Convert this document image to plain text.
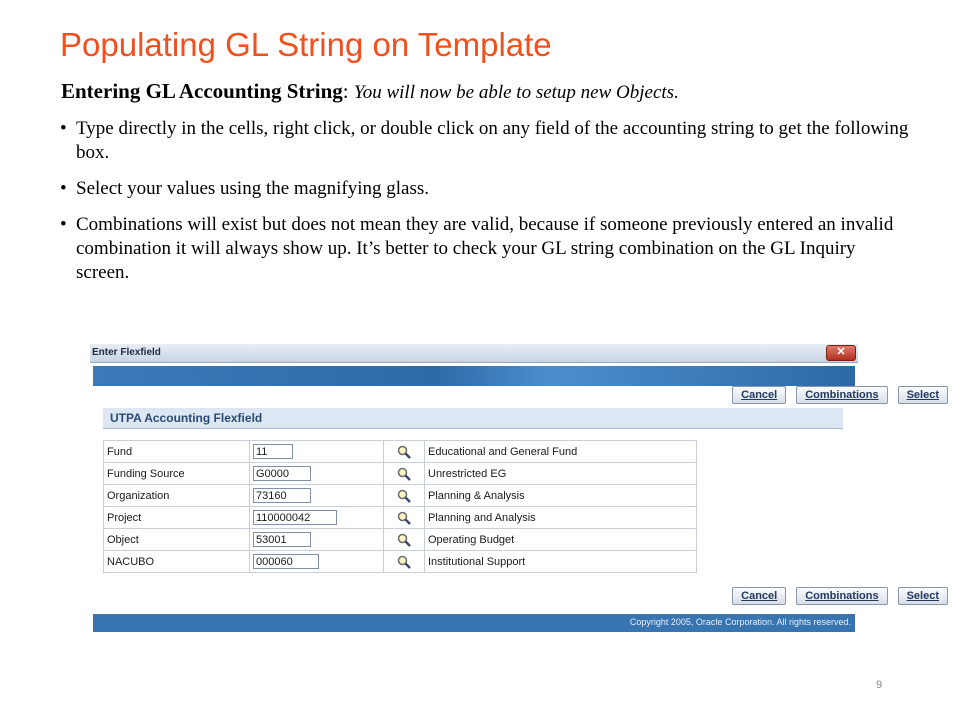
Populating GL String on Template
Entering GL Accounting String: You will now be able to setup new Objects.
• Type directly in the cells, right click, or double click on any field of the accounting string to get the following box.
• Select your values using the magnifying glass.
• Combinations will exist but does not mean they are valid, because if someone previously entered an invalid combination it will always show up. It’s better to check your GL string combination on the GL Inquiry screen.
Enter Flexfield	✕
Cancel	Combinations	Select
UTPA Accounting Flexfield
Fund	11		Educational and General Fund
Funding Source	G0000		Unrestricted EG
Organization	73160		Planning & Analysis
Project	110000042		Planning and Analysis
Object	53001		Operating Budget
NACUBO	000060		Institutional Support
Cancel	Combinations	Select
Copyright 2005, Oracle Corporation. All rights reserved.
9
